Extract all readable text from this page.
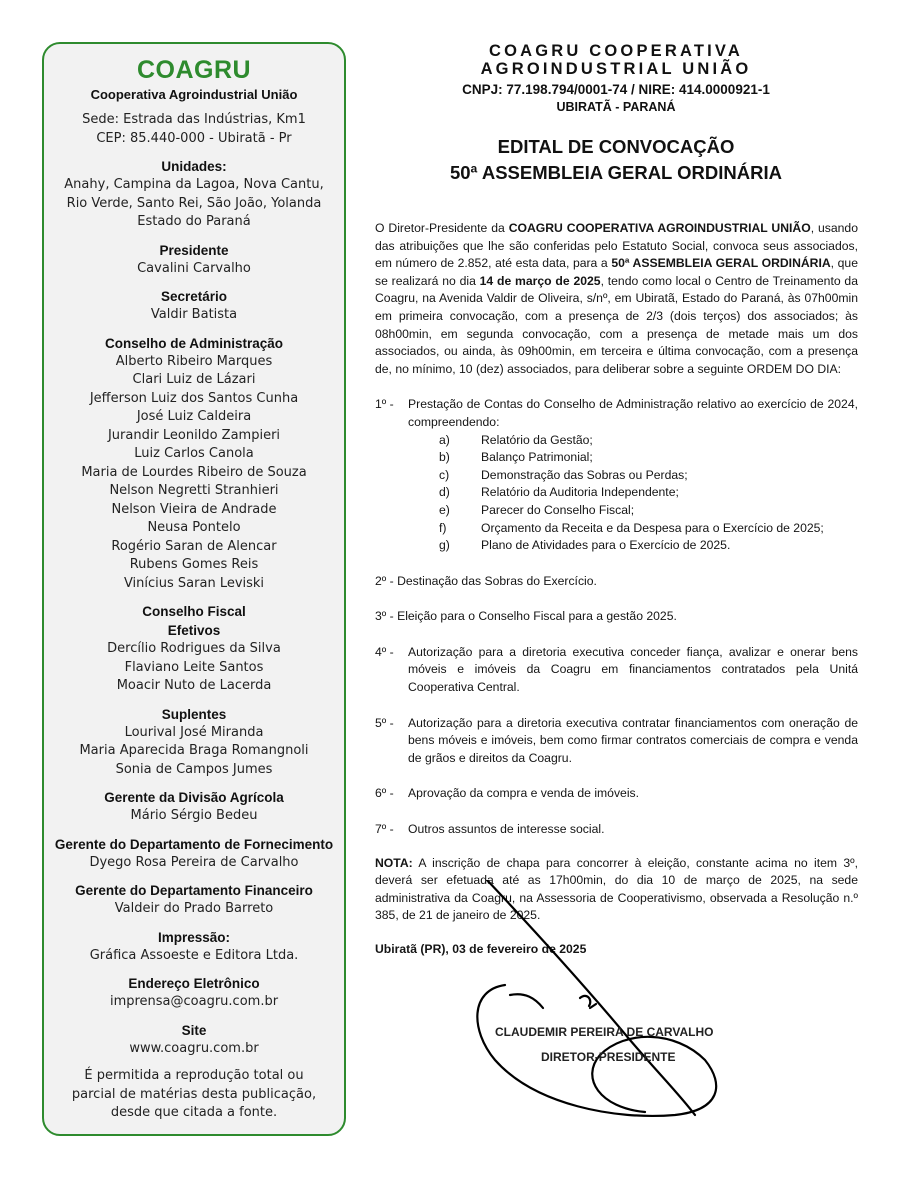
COAGRU
Cooperativa Agroindustrial União
Sede: Estrada das Indústrias, Km1
CEP: 85.440-000 - Ubiratã - Pr
Unidades:
Anahy, Campina da Lagoa, Nova Cantu,
Rio Verde, Santo Rei, São João, Yolanda
Estado do Paraná
Presidente
Cavalini Carvalho
Secretário
Valdir Batista
Conselho de Administração
Alberto Ribeiro Marques
Clari Luiz de Lázari
Jefferson Luiz dos Santos Cunha
José Luiz Caldeira
Jurandir Leonildo Zampieri
Luiz Carlos Canola
Maria de Lourdes Ribeiro de Souza
Nelson Negretti Stranhieri
Nelson Vieira de Andrade
Neusa Pontelo
Rogério Saran de Alencar
Rubens Gomes Reis
Vinícius Saran Leviski
Conselho Fiscal
Efetivos
Dercílio Rodrigues da Silva
Flaviano Leite Santos
Moacir Nuto de Lacerda
Suplentes
Lourival José Miranda
Maria Aparecida Braga Romangnoli
Sonia de Campos Jumes
Gerente da Divisão Agrícola
Mário Sérgio Bedeu
Gerente do Departamento de Fornecimento
Dyego Rosa Pereira de Carvalho
Gerente do Departamento Financeiro
Valdeir do Prado Barreto
Impressão:
Gráfica Assoeste e Editora Ltda.
Endereço Eletrônico
imprensa@coagru.com.br
Site
www.coagru.com.br
É permitida a reprodução total ou
parcial de matérias desta publicação,
desde que citada a fonte.
COAGRU COOPERATIVA
AGROINDUSTRIAL UNIÃO
CNPJ: 77.198.794/0001-74 / NIRE: 414.0000921-1
UBIRATÃ - PARANÁ
EDITAL DE CONVOCAÇÃO
50ª ASSEMBLEIA GERAL ORDINÁRIA

O Diretor-Presidente da COAGRU COOPERATIVA AGROINDUSTRIAL UNIÃO, usando das atribuições que lhe são conferidas pelo Estatuto Social, convoca seus associados, em número de 2.852, até esta data, para a 50ª ASSEMBLEIA GERAL ORDINÁRIA, que se realizará no dia 14 de março de 2025, tendo como local o Centro de Treinamento da Coagru, na Avenida Valdir de Oliveira, s/nº, em Ubiratã, Estado do Paraná, às 07h00min em primeira convocação, com a presença de 2/3 (dois terços) dos associados; às 08h00min, em segunda convocação, com a presença de metade mais um dos associados, ou ainda, às 09h00min, em terceira e última convocação, com a presença de, no mínimo, 10 (dez) associados, para deliberar sobre a seguinte ORDEM DO DIA:

1º -	Prestação de Contas do Conselho de Administração relativo ao exercício de 2024, compreendendo:
a)	Relatório da Gestão;
b)	Balanço Patrimonial;
c)	Demonstração das Sobras ou Perdas;
d)	Relatório da Auditoria Independente;
e)	Parecer do Conselho Fiscal;
f)	Orçamento da Receita e da Despesa para o Exercício de 2025;
g)	Plano de Atividades para o Exercício de 2025.
2º - Destinação das Sobras do Exercício.
3º - Eleição para o Conselho Fiscal para a gestão 2025.
4º -	Autorização para a diretoria executiva conceder fiança, avalizar e onerar bens móveis e imóveis da Coagru em financiamentos contratados pela Unitá Cooperativa Central.
5º -	Autorização para a diretoria executiva contratar financiamentos com oneração de bens móveis e imóveis, bem como firmar contratos comerciais de compra e venda de grãos e direitos da Coagru.
6º -	Aprovação da compra e venda de imóveis.
7º -	Outros assuntos de interesse social.

NOTA: A inscrição de chapa para concorrer à eleição, constante acima no item 3º, deverá ser efetuada até as 17h00min, do dia 10 de março de 2025, na sede administrativa da Coagru, na Assessoria de Cooperativismo, observada a Resolução n.º 385, de 21 de janeiro de 2025.

Ubiratã (PR), 03 de fevereiro de 2025

CLAUDEMIR PEREIRA DE CARVALHO
DIRETOR-PRESIDENTE
